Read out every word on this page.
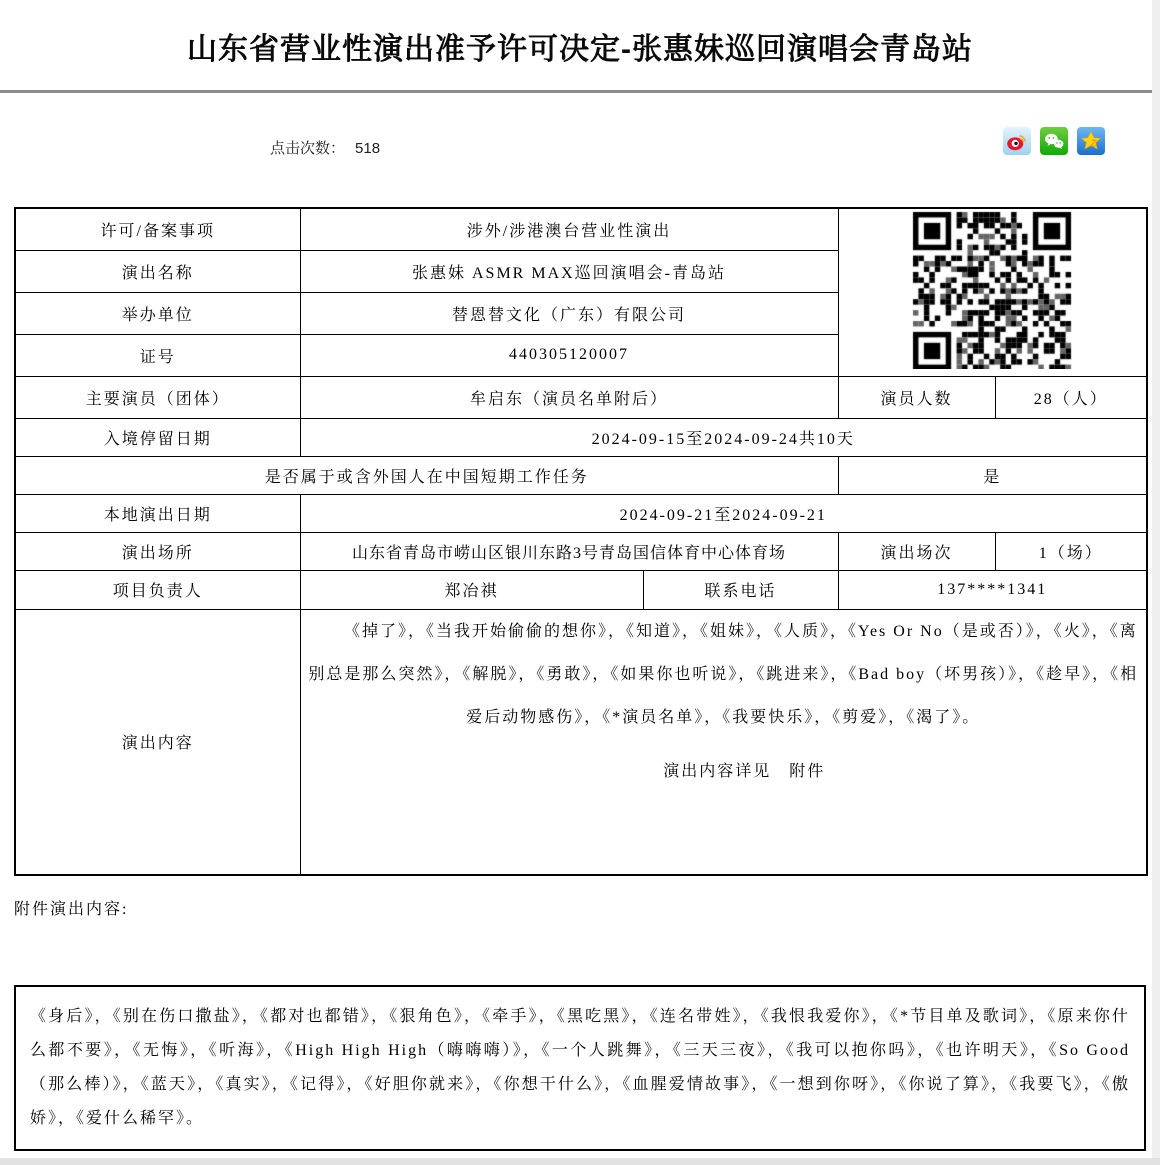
山东省营业性演出准予许可决定-张惠妹巡回演唱会青岛站
点击次数： 518	Z
许可/备案事项	涉外/涉港澳台营业性演出	
演出名称	张惠妹 ASMR MAX巡回演唱会-青岛站			
举办单位	替恩替文化（广东）有限公司			
证号	440305120007			
主要演员（团体）	牟启东（演员名单附后）		演员人数	28（人）
入境停留日期	2024-09-15至2024-09-24共10天			
是否属于或含外国人在中国短期工作任务			是	
本地演出日期	2024-09-21至2024-09-21			
演出场所	山东省青岛市崂山区银川东路3号青岛国信体育中心体育场		演出场次	1（场）
项目负责人	郑冶祺	联系电话	137****1341	
演出内容	《掉了》，《当我开始偷偷的想你》，《知道》，《姐妹》，《人质》，《Yes Or No（是或否）》，《火》，《离别总是那么突然》，《解脱》，《勇敢》，《如果你也听说》，《跳进来》，《Bad boy（坏男孩）》，《趁早》，《相爱后动物感伤》，《*演员名单》，《我要快乐》，《剪爱》，《渴了》。

演出内容详见　附件			

附件演出内容:

《身后》，《别在伤口撒盐》，《都对也都错》，《狠角色》，《牵手》，《黑吃黑》，《连名带姓》，《我恨我爱你》，《*节目单及歌词》，《原来你什么都不要》，《无悔》，《听海》，《High High High（嗨嗨嗨）》，《一个人跳舞》，《三天三夜》，《我可以抱你吗》，《也许明天》，《So Good（那么棒）》，《蓝天》，《真实》，《记得》，《好胆你就来》，《你想干什么》，《血腥爱情故事》，《一想到你呀》，《你说了算》，《我要飞》，《傲娇》，《爱什么稀罕》。
